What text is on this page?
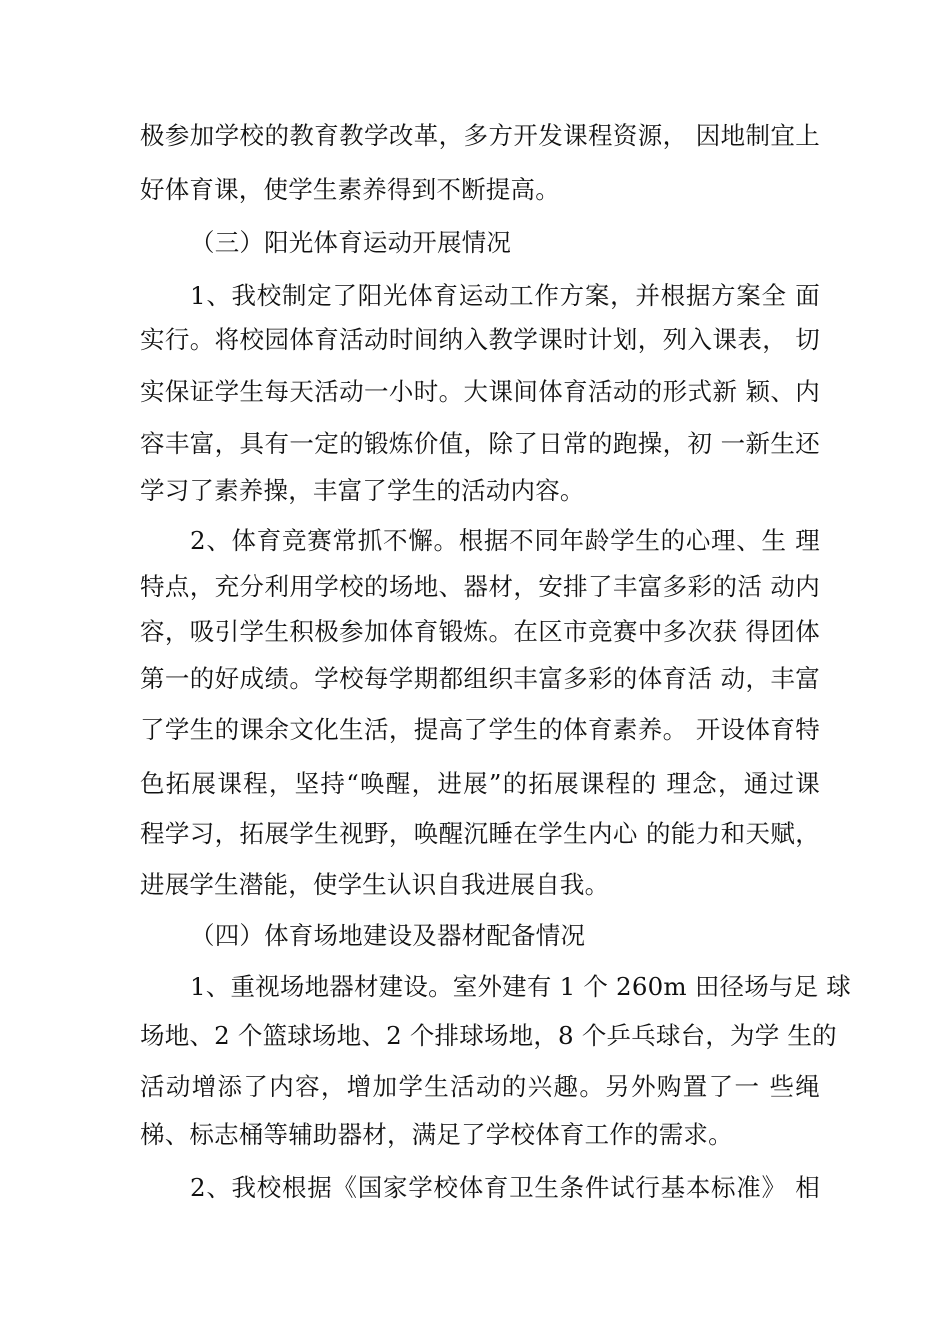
极参加学校的教育教学改革，多方开发课程资源， 因地制宜上
好体育课，使学生素养得到不断提高。
（三）阳光体育运动开展情况
1、我校制定了阳光体育运动工作方案，并根据方案全 面
实行。将校园体育活动时间纳入教学课时计划，列入课表， 切
实保证学生每天活动一小时。大课间体育活动的形式新 颖、内
容丰富，具有一定的锻炼价值，除了日常的跑操，初 一新生还
学习了素养操，丰富了学生的活动内容。
2、体育竞赛常抓不懈。根据不同年龄学生的心理、生 理
特点，充分利用学校的场地、器材，安排了丰富多彩的活 动内
容，吸引学生积极参加体育锻炼。在区市竞赛中多次获 得团体
第一的好成绩。学校每学期都组织丰富多彩的体育活 动，丰富
了学生的课余文化生活，提高了学生的体育素养。 开设体育特
色拓展课程，坚持“唤醒，进展”的拓展课程的 理念，通过课
程学习，拓展学生视野，唤醒沉睡在学生内心 的能力和天赋，
进展学生潜能，使学生认识自我进展自我。
（四）体育场地建设及器材配备情况
1、重视场地器材建设。室外建有 1 个 260m 田径场与足 球
场地、2 个篮球场地、2 个排球场地，8 个乒乓球台，为学 生的
活动增添了内容，增加学生活动的兴趣。另外购置了一 些绳
梯、标志桶等辅助器材，满足了学校体育工作的需求。
2、我校根据《国家学校体育卫生条件试行基本标准》 相
